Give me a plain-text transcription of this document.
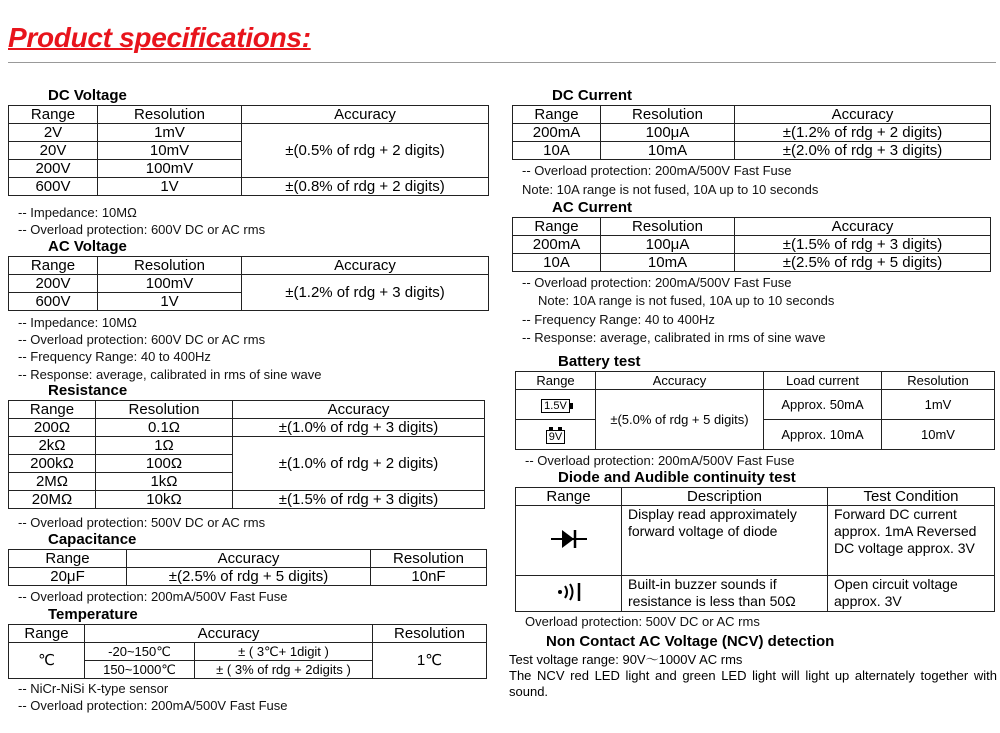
Product specifications:
DC Voltage
Range	Resolution	Accuracy
2V	1mV	±(0.5% of rdg + 2 digits)
20V	10mV	
200V	100mV	
600V	1V	±(0.8% of rdg + 2 digits)
-- Impedance: 10MΩ
-- Overload protection: 600V DC or AC rms
AC Voltage
Range	Resolution	Accuracy
200V	100mV	±(1.2% of rdg + 3 digits)
600V	1V	
-- Impedance: 10MΩ
-- Overload protection: 600V DC or AC rms
-- Frequency Range: 40 to 400Hz
-- Response: average, calibrated in rms of sine wave
Resistance
Range	Resolution	Accuracy
200Ω	0.1Ω	±(1.0% of rdg + 3 digits)
2kΩ	1Ω	±(1.0% of rdg + 2 digits)
200kΩ	100Ω	
2MΩ	1kΩ	
20MΩ	10kΩ	±(1.5% of rdg + 3 digits)
-- Overload protection: 500V DC or AC rms
Capacitance
Range	Accuracy	Resolution
20μF	±(2.5% of rdg + 5 digits)	10nF
-- Overload protection: 200mA/500V Fast Fuse
Temperature
Range	Accuracy		Resolution
℃	-20~150℃	± ( 3℃+ 1digit )	1℃
	150~1000℃	± ( 3% of rdg + 2digits )	
-- NiCr-NiSi K-type sensor
-- Overload protection: 200mA/500V Fast Fuse
DC Current
Range	Resolution	Accuracy
200mA	100μA	±(1.2% of rdg + 2 digits)
10A	10mA	±(2.0% of rdg + 3 digits)
-- Overload protection: 200mA/500V Fast Fuse
Note: 10A range is not fused, 10A up to 10 seconds
AC Current
Range	Resolution	Accuracy
200mA	100μA	±(1.5% of rdg + 3 digits)
10A	10mA	±(2.5% of rdg + 5 digits)
-- Overload protection: 200mA/500V Fast Fuse
Note: 10A range is not fused, 10A up to 10 seconds
-- Frequency Range: 40 to 400Hz
-- Response: average, calibrated in rms of sine wave
Battery test
Range	Accuracy	Load current	Resolution
1.5V	±(5.0% of rdg + 5 digits)	Approx. 50mA	1mV
9V		Approx. 10mA	10mV
-- Overload protection: 200mA/500V Fast Fuse
Diode and Audible continuity test
Range	Description	Test Condition
	Display read approximately forward voltage of diode	Forward DC current approx. 1mA Reversed DC voltage approx. 3V
	Built-in buzzer sounds if resistance is less than 50Ω	Open circuit voltage approx. 3V
Overload protection: 500V DC or AC rms
Non Contact AC Voltage (NCV) detection
Test voltage range: 90V～1000V AC rms
The NCV red LED light and green LED light will light up alternately together with sound.
